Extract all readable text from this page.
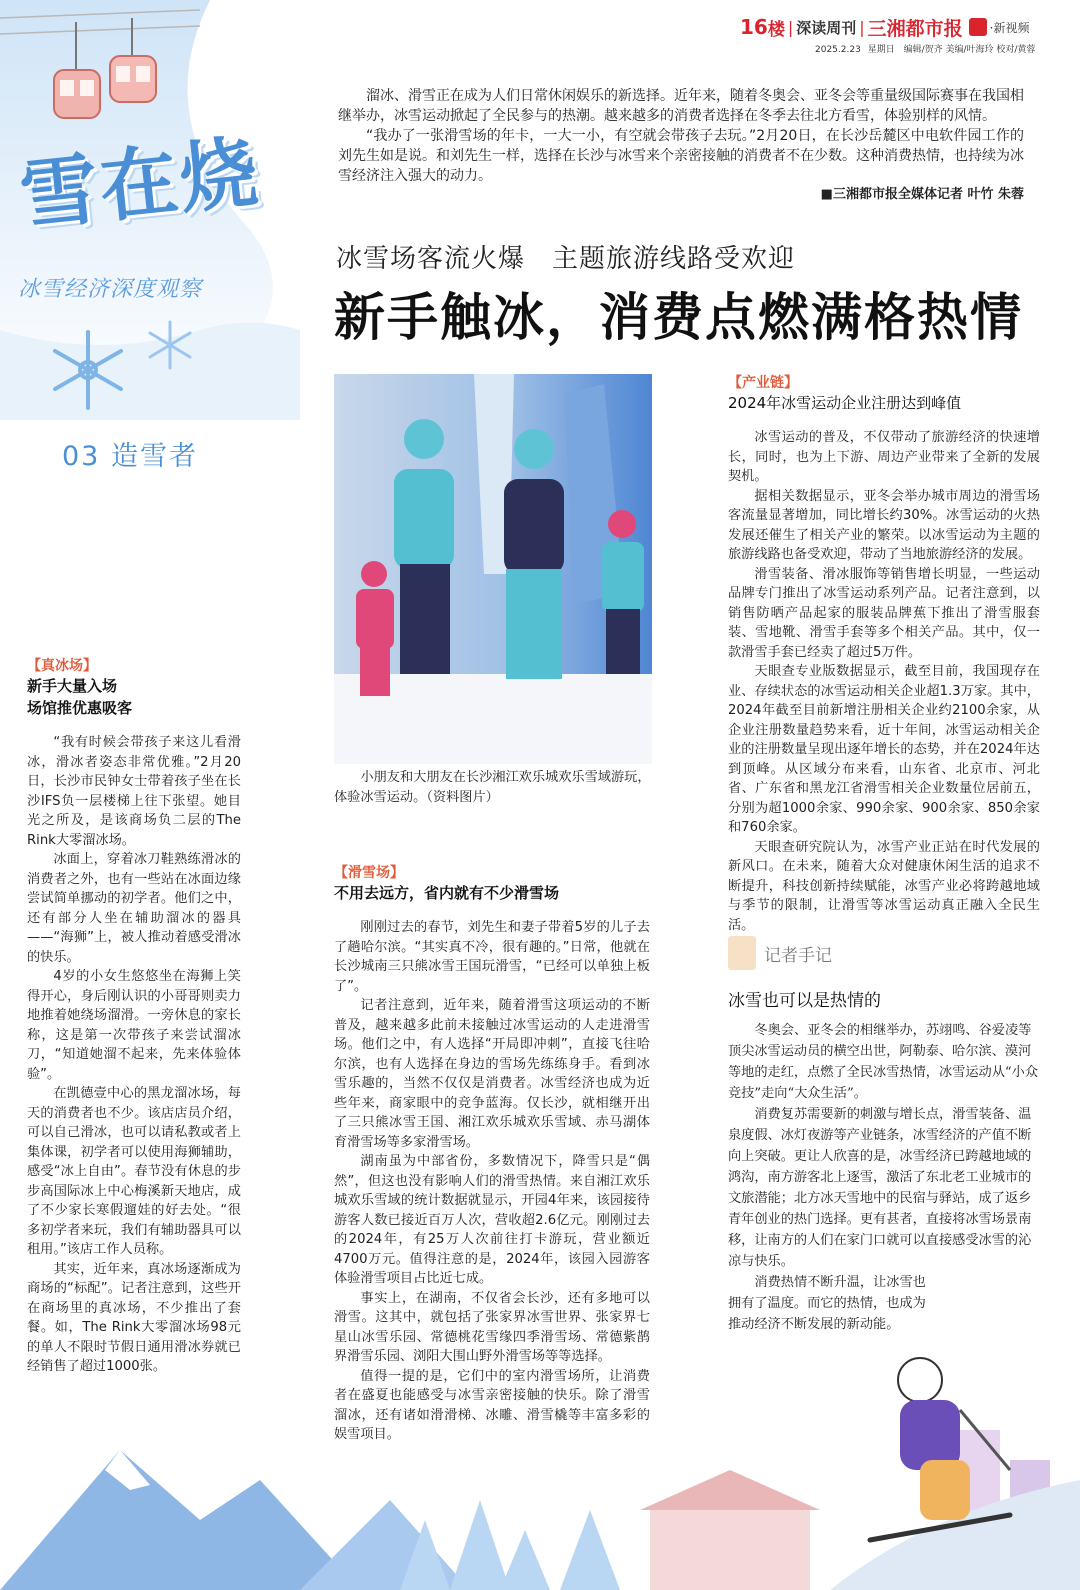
雪在烧
冰雪经济深度观察
03 造雪者
16 楼 | 深读周刊 | 三湘都市报 ·新视频
2025.2.23 星期日 编辑/贺齐 美编/叶海玲 校对/黄蓉

溜冰、滑雪正在成为人们日常休闲娱乐的新选择。近年来，随着冬奥会、亚冬会等重量级国际赛事在我国相继举办，冰雪运动掀起了全民参与的热潮。越来越多的消费者选择在冬季去往北方看雪，体验别样的风情。

“我办了一张滑雪场的年卡，一大一小，有空就会带孩子去玩。”2月20日，在长沙岳麓区中电软件园工作的刘先生如是说。和刘先生一样，选择在长沙与冰雪来个亲密接触的消费者不在少数。这种消费热情，也持续为冰雪经济注入强大的动力。

■三湘都市报全媒体记者 叶竹 朱蓉
冰雪场客流火爆　主题旅游线路受欢迎
新手触冰，消费点燃满格热情
小朋友和大朋友在长沙湘江欢乐城欢乐雪域游玩，体验冰雪运动。（资料图片）
【真冰场】
新手大量入场
场馆推优惠吸客

“我有时候会带孩子来这儿看滑冰，滑冰者姿态非常优雅。”2月20日，长沙市民钟女士带着孩子坐在长沙IFS负一层楼梯上往下张望。她目光之所及，是该商场负二层的The Rink大零溜冰场。

冰面上，穿着冰刀鞋熟练滑冰的消费者之外，也有一些站在冰面边缘尝试简单挪动的初学者。他们之中，还有部分人坐在辅助溜冰的器具——“海狮”上，被人推动着感受滑冰的快乐。

4岁的小女生悠悠坐在海狮上笑得开心，身后刚认识的小哥哥则卖力地推着她绕场溜滑。一旁休息的家长称，这是第一次带孩子来尝试溜冰刀，“知道她溜不起来，先来体验体验”。

在凯德壹中心的黑龙溜冰场，每天的消费者也不少。该店店员介绍，可以自己滑冰，也可以请私教或者上集体课，初学者可以使用海狮辅助，感受“冰上自由”。春节没有休息的步步高国际冰上中心梅溪新天地店，成了不少家长寒假遛娃的好去处。“很多初学者来玩，我们有辅助器具可以租用。”该店工作人员称。

其实，近年来，真冰场逐渐成为商场的“标配”。记者注意到，这些开在商场里的真冰场，不少推出了套餐。如，The Rink大零溜冰场98元的单人不限时节假日通用滑冰券就已经销售了超过1000张。

【滑雪场】
不用去远方，省内就有不少滑雪场

刚刚过去的春节，刘先生和妻子带着5岁的儿子去了趟哈尔滨。“其实真不冷，很有趣的。”日常，他就在长沙城南三只熊冰雪王国玩滑雪，“已经可以单独上板了”。

记者注意到，近年来，随着滑雪这项运动的不断普及，越来越多此前未接触过冰雪运动的人走进滑雪场。他们之中，有人选择“开局即冲刺”，直接飞往哈尔滨，也有人选择在身边的雪场先练练身手。看到冰雪乐趣的，当然不仅仅是消费者。冰雪经济也成为近些年来，商家眼中的竞争蓝海。仅长沙，就相继开出了三只熊冰雪王国、湘江欢乐城欢乐雪域、赤马湖体育滑雪场等多家滑雪场。

湖南虽为中部省份，多数情况下，降雪只是“偶然”，但这也没有影响人们的滑雪热情。来自湘江欢乐城欢乐雪域的统计数据就显示，开园4年来，该园接待游客人数已接近百万人次，营收超2.6亿元。刚刚过去的2024年，有25万人次前往打卡游玩，营业额近4700万元。值得注意的是，2024年，该园入园游客体验滑雪项目占比近七成。

事实上，在湖南，不仅省会长沙，还有多地可以滑雪。这其中，就包括了张家界冰雪世界、张家界七星山冰雪乐园、常德桃花雪缘四季滑雪场、常德紫鹊界滑雪乐园、浏阳大围山野外滑雪场等等选择。

值得一提的是，它们中的室内滑雪场所，让消费者在盛夏也能感受与冰雪亲密接触的快乐。除了滑雪溜冰，还有诸如滑滑梯、冰雕、滑雪橇等丰富多彩的娱雪项目。

【产业链】
2024年冰雪运动企业注册达到峰值

冰雪运动的普及，不仅带动了旅游经济的快速增长，同时，也为上下游、周边产业带来了全新的发展契机。

据相关数据显示，亚冬会举办城市周边的滑雪场客流量显著增加，同比增长约30%。冰雪运动的火热发展还催生了相关产业的繁荣。以冰雪运动为主题的旅游线路也备受欢迎，带动了当地旅游经济的发展。

滑雪装备、滑冰服饰等销售增长明显，一些运动品牌专门推出了冰雪运动系列产品。记者注意到，以销售防晒产品起家的服装品牌蕉下推出了滑雪服套装、雪地靴、滑雪手套等多个相关产品。其中，仅一款滑雪手套已经卖了超过5万件。

天眼查专业版数据显示，截至目前，我国现存在业、存续状态的冰雪运动相关企业超1.3万家。其中，2024年截至目前新增注册相关企业约2100余家，从企业注册数量趋势来看，近十年间，冰雪运动相关企业的注册数量呈现出逐年增长的态势，并在2024年达到顶峰。从区域分布来看，山东省、北京市、河北省、广东省和黑龙江省滑雪相关企业数量位居前五，分别为超1000余家、990余家、900余家、850余家和760余家。

天眼查研究院认为，冰雪产业正站在时代发展的新风口。在未来，随着大众对健康休闲生活的追求不断提升，科技创新持续赋能，冰雪产业必将跨越地域与季节的限制，让滑雪等冰雪运动真正融入全民生活。

记者手记
冰雪也可以是热情的

冬奥会、亚冬会的相继举办，苏翊鸣、谷爱凌等顶尖冰雪运动员的横空出世，阿勒泰、哈尔滨、漠河等地的走红，点燃了全民冰雪热情，冰雪运动从“小众竞技”走向“大众生活”。

消费复苏需要新的刺激与增长点，滑雪装备、温泉度假、冰灯夜游等产业链条，冰雪经济的产值不断向上突破。更让人欣喜的是，冰雪经济已跨越地域的鸿沟，南方游客北上逐雪，激活了东北老工业城市的文旅潜能；北方冰天雪地中的民宿与驿站，成了返乡青年创业的热门选择。更有甚者，直接将冰雪场景南移，让南方的人们在家门口就可以直接感受冰雪的沁凉与快乐。

消费热情不断升温，让冰雪也拥有了温度。而它的热情，也成为推动经济不断发展的新动能。
